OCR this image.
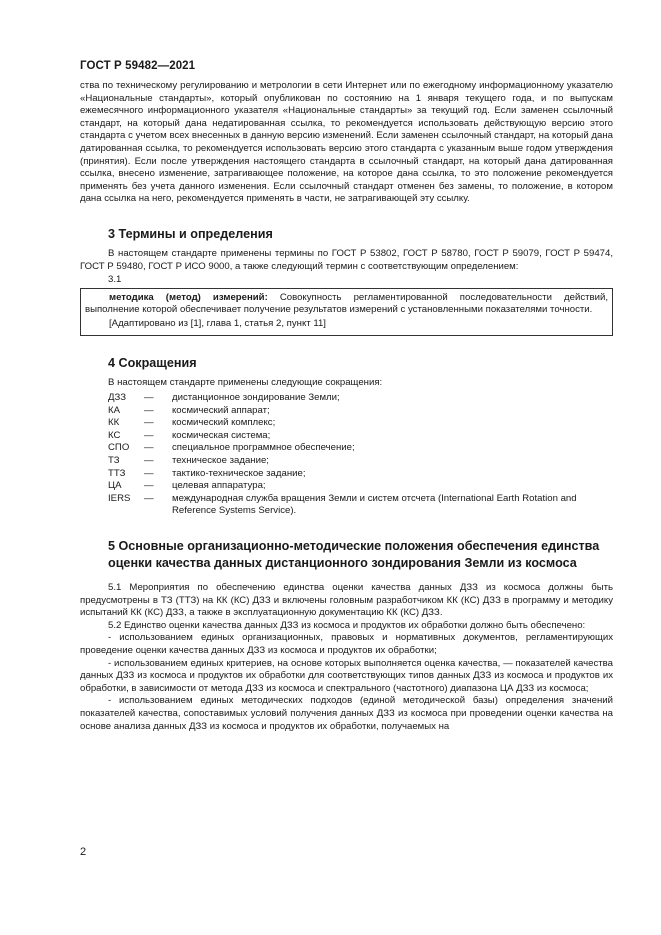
ГОСТ Р 59482—2021

ства по техническому регулированию и метрологии в сети Интернет или по ежегодному информационному указателю «Национальные стандарты», который опубликован по состоянию на 1 января текущего года, и по выпускам ежемесячного информационного указателя «Национальные стандарты» за текущий год. Если заменен ссылочный стандарт, на который дана недатированная ссылка, то рекомендуется использовать действующую версию этого стандарта с учетом всех внесенных в данную версию изменений. Если заменен ссылочный стандарт, на который дана датированная ссылка, то рекомендуется использовать версию этого стандарта с указанным выше годом утверждения (принятия). Если после утверждения настоящего стандарта в ссылочный стандарт, на который дана датированная ссылка, внесено изменение, затрагивающее положение, на которое дана ссылка, то это положение рекомендуется применять без учета данного изменения. Если ссылочный стандарт отменен без замены, то положение, в котором дана ссылка на него, рекомендуется применять в части, не затрагивающей эту ссылку.

3 Термины и определения

В настоящем стандарте применены термины по ГОСТ Р 53802, ГОСТ Р 58780, ГОСТ Р 59079, ГОСТ Р 59474, ГОСТ Р 59480, ГОСТ Р ИСО 9000, а также следующий термин с соответствующим определением:

3.1

методика (метод) измерений: Совокупность регламентированной последовательности действий, выполнение которой обеспечивает получение результатов измерений с установленными показателями точности.

[Адаптировано из [1], глава 1, статья 2, пункт 11]

4 Сокращения

В настоящем стандарте применены следующие сокращения:

ДЗЗ	—	дистанционное зондирование Земли;
КА	—	космический аппарат;
КК	—	космический комплекс;
КС	—	космическая система;
СПО	—	специальное программное обеспечение;
ТЗ	—	техническое задание;
ТТЗ	—	тактико-техническое задание;
ЦА	—	целевая аппаратура;
IERS	—	международная служба вращения Земли и систем отсчета (International Earth Rotation and Reference Systems Service).
5 Основные организационно-методические положения обеспечения единства оценки качества данных дистанционного зондирования Земли из космоса

5.1 Мероприятия по обеспечению единства оценки качества данных ДЗЗ из космоса должны быть предусмотрены в ТЗ (ТТЗ) на КК (КС) ДЗЗ и включены головным разработчиком КК (КС) ДЗЗ в программу и методику испытаний КК (КС) ДЗЗ, а также в эксплуатационную документацию КК (КС) ДЗЗ.

5.2 Единство оценки качества данных ДЗЗ из космоса и продуктов их обработки должно быть обеспечено:

- использованием единых организационных, правовых и нормативных документов, регламентирующих проведение оценки качества данных ДЗЗ из космоса и продуктов их обработки;

- использованием единых критериев, на основе которых выполняется оценка качества, — показателей качества данных ДЗЗ из космоса и продуктов их обработки для соответствующих типов данных ДЗЗ из космоса и продуктов их обработки, в зависимости от метода ДЗЗ из космоса и спектрального (частотного) диапазона ЦА ДЗЗ из космоса;

- использованием единых методических подходов (единой методической базы) определения значений показателей качества, сопоставимых условий получения данных ДЗЗ из космоса при проведении оценки качества на основе анализа данных ДЗЗ из космоса и продуктов их обработки, получаемых на

2
